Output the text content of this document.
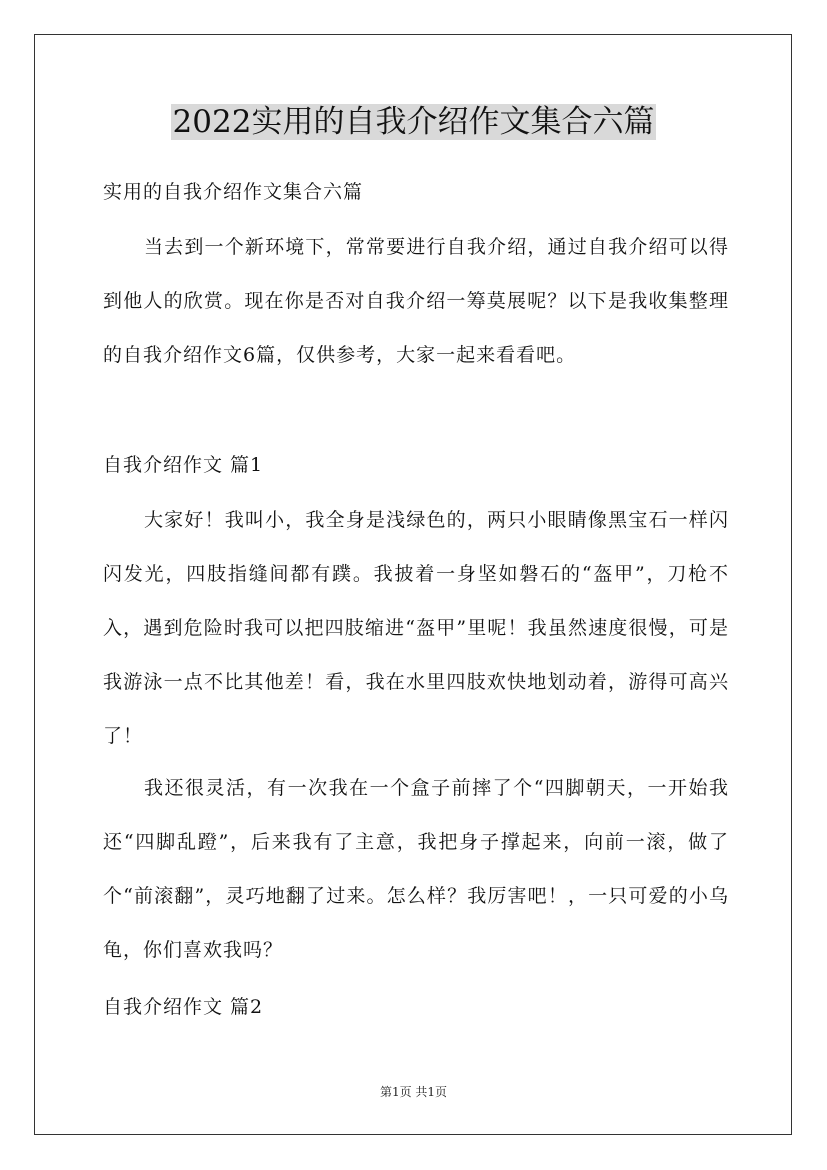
2022实用的自我介绍作文集合六篇
实用的自我介绍作文集合六篇
当去到一个新环境下，常常要进行自我介绍，通过自我介绍可以得到他人的欣赏。现在你是否对自我介绍一筹莫展呢？以下是我收集整理的自我介绍作文6篇，仅供参考，大家一起来看看吧。
自我介绍作文 篇1
大家好！我叫小，我全身是浅绿色的，两只小眼睛像黑宝石一样闪闪发光，四肢指缝间都有蹼。我披着一身坚如磐石的“盔甲”，刀枪不入，遇到危险时我可以把四肢缩进“盔甲”里呢！我虽然速度很慢，可是我游泳一点不比其他差！看，我在水里四肢欢快地划动着，游得可高兴了！
我还很灵活，有一次我在一个盒子前摔了个“四脚朝天，一开始我还“四脚乱蹬”，后来我有了主意，我把身子撑起来，向前一滚，做了个“前滚翻”，灵巧地翻了过来。怎么样？我厉害吧！，一只可爱的小乌龟，你们喜欢我吗？
自我介绍作文 篇2
第1页 共1页
